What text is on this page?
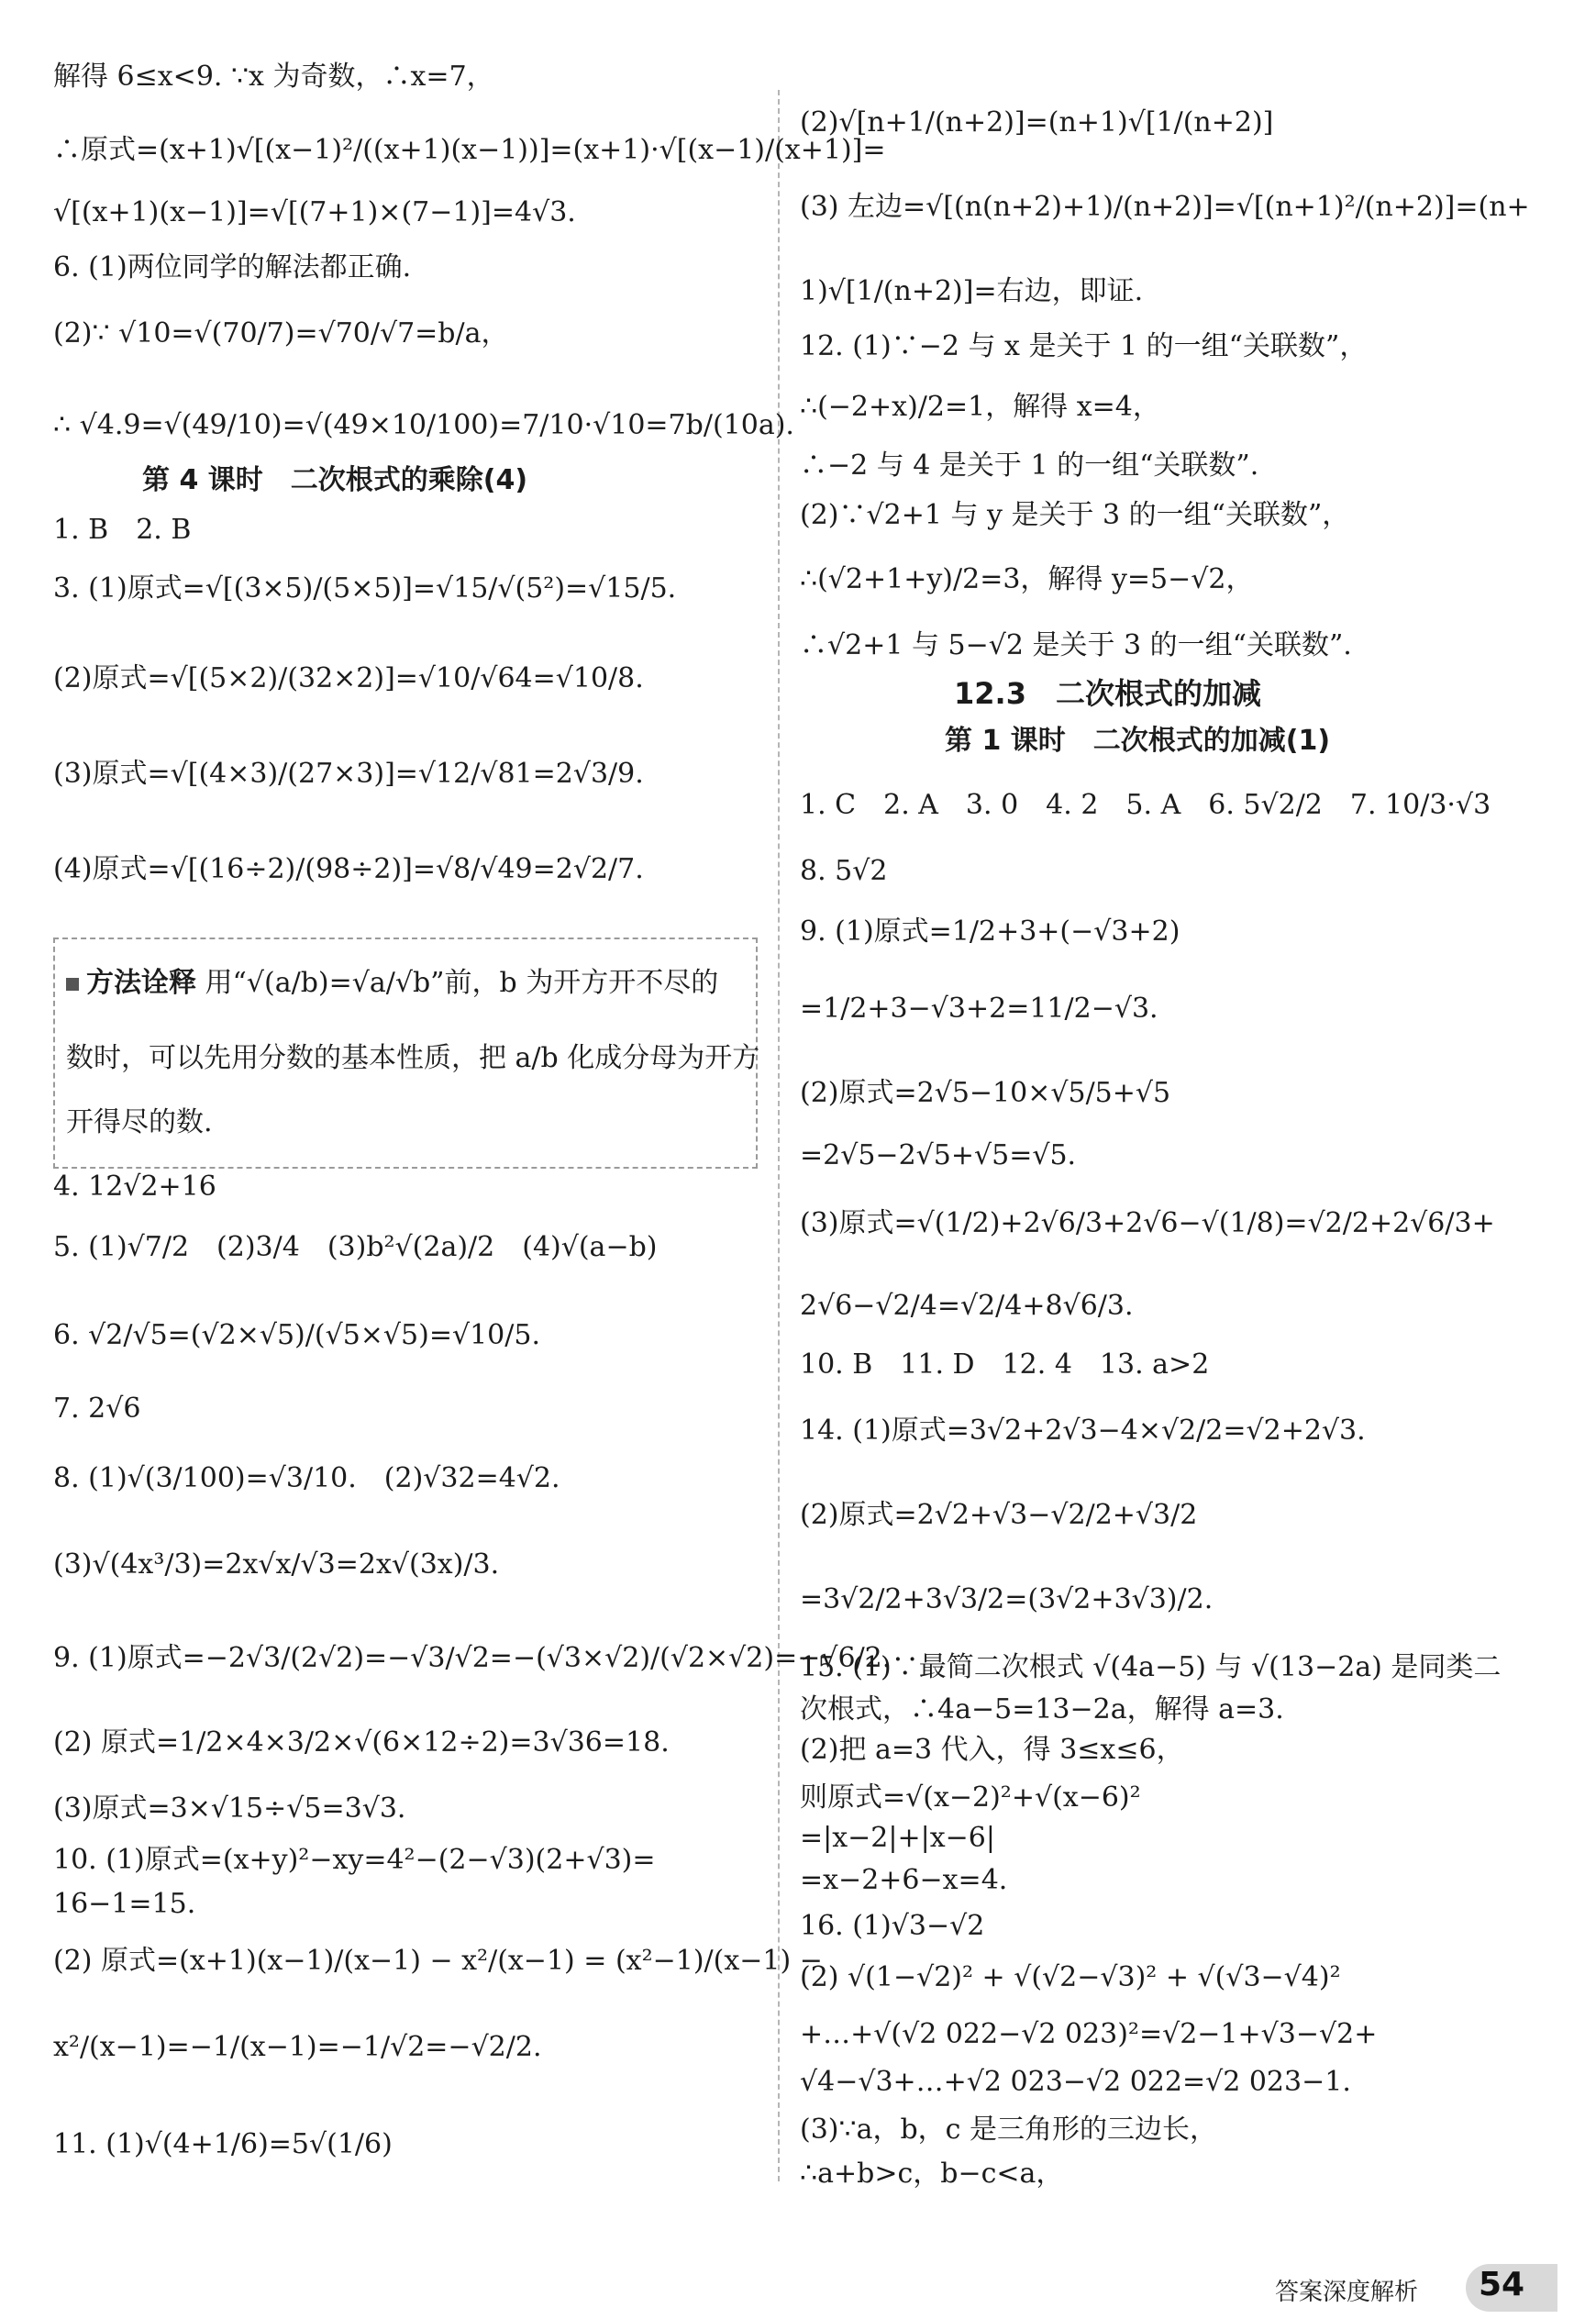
解得 6≤x<9. ∵x 为奇数，∴x=7，
∴原式=(x+1)√[(x−1)²/((x+1)(x−1))]=(x+1)·√[(x−1)/(x+1)]=
√[(x+1)(x−1)]=√[(7+1)×(7−1)]=4√3.
6. (1)两位同学的解法都正确.
(2)∵ √10=√(70/7)=√70/√7=b/a，
∴ √4.9=√(49/10)=√(49×10/100)=7/10·√10=7b/(10a).
第 4 课时　二次根式的乘除(4)
1. B　2. B
3. (1)原式=√[(3×5)/(5×5)]=√15/√(5²)=√15/5.
(2)原式=√[(5×2)/(32×2)]=√10/√64=√10/8.
(3)原式=√[(4×3)/(27×3)]=√12/√81=2√3/9.
(4)原式=√[(16÷2)/(98÷2)]=√8/√49=2√2/7.
4. 12√2+16
5. (1)√7/2　(2)3/4　(3)b²√(2a)/2　(4)√(a−b)
6. √2/√5=(√2×√5)/(√5×√5)=√10/5.
7. 2√6
8. (1)√(3/100)=√3/10.　(2)√32=4√2.
(3)√(4x³/3)=2x√x/√3=2x√(3x)/3.
9. (1)原式=−2√3/(2√2)=−√3/√2=−(√3×√2)/(√2×√2)=−√6/2.
(2) 原式=1/2×4×3/2×√(6×12÷2)=3√36=18.
(3)原式=3×√15÷√5=3√3.
10. (1)原式=(x+y)²−xy=4²−(2−√3)(2+√3)=
16−1=15.
(2) 原式=(x+1)(x−1)/(x−1) − x²/(x−1) = (x²−1)/(x−1) −
x²/(x−1)=−1/(x−1)=−1/√2=−√2/2.
11. (1)√(4+1/6)=5√(1/6)
(2)√[n+1/(n+2)]=(n+1)√[1/(n+2)]
(3) 左边=√[(n(n+2)+1)/(n+2)]=√[(n+1)²/(n+2)]=(n+
1)√[1/(n+2)]=右边，即证.
12. (1)∵−2 与 x 是关于 1 的一组“关联数”，
∴(−2+x)/2=1，解得 x=4，
∴−2 与 4 是关于 1 的一组“关联数”.
(2)∵√2+1 与 y 是关于 3 的一组“关联数”，
∴(√2+1+y)/2=3，解得 y=5−√2，
∴√2+1 与 5−√2 是关于 3 的一组“关联数”.
12.3　二次根式的加减
第 1 课时　二次根式的加减(1)
1. C　2. A　3. 0　4. 2　5. A　6. 5√2/2　7. 10/3·√3
8. 5√2
9. (1)原式=1/2+3+(−√3+2)
=1/2+3−√3+2=11/2−√3.
(2)原式=2√5−10×√5/5+√5
=2√5−2√5+√5=√5.
(3)原式=√(1/2)+2√6/3+2√6−√(1/8)=√2/2+2√6/3+
2√6−√2/4=√2/4+8√6/3.
10. B　11. D　12. 4　13. a>2
14. (1)原式=3√2+2√3−4×√2/2=√2+2√3.
(2)原式=2√2+√3−√2/2+√3/2
=3√2/2+3√3/2=(3√2+3√3)/2.
15. (1)∵最简二次根式 √(4a−5) 与 √(13−2a) 是同类二
次根式，∴4a−5=13−2a，解得 a=3.
(2)把 a=3 代入，得 3≤x≤6，
则原式=√(x−2)²+√(x−6)²
=|x−2|+|x−6|
=x−2+6−x=4.
16. (1)√3−√2
(2) √(1−√2)² + √(√2−√3)² + √(√3−√4)²
+…+√(√2 022−√2 023)²=√2−1+√3−√2+
√4−√3+…+√2 023−√2 022=√2 023−1.
(3)∵a，b，c 是三角形的三边长，
∴a+b>c，b−c<a，
方法诠释 用“√(a/b)=√a/√b”前，b 为开方开不尽的
数时，可以先用分数的基本性质，把 a/b 化成分母为开方
开得尽的数.
答案深度解析 54
